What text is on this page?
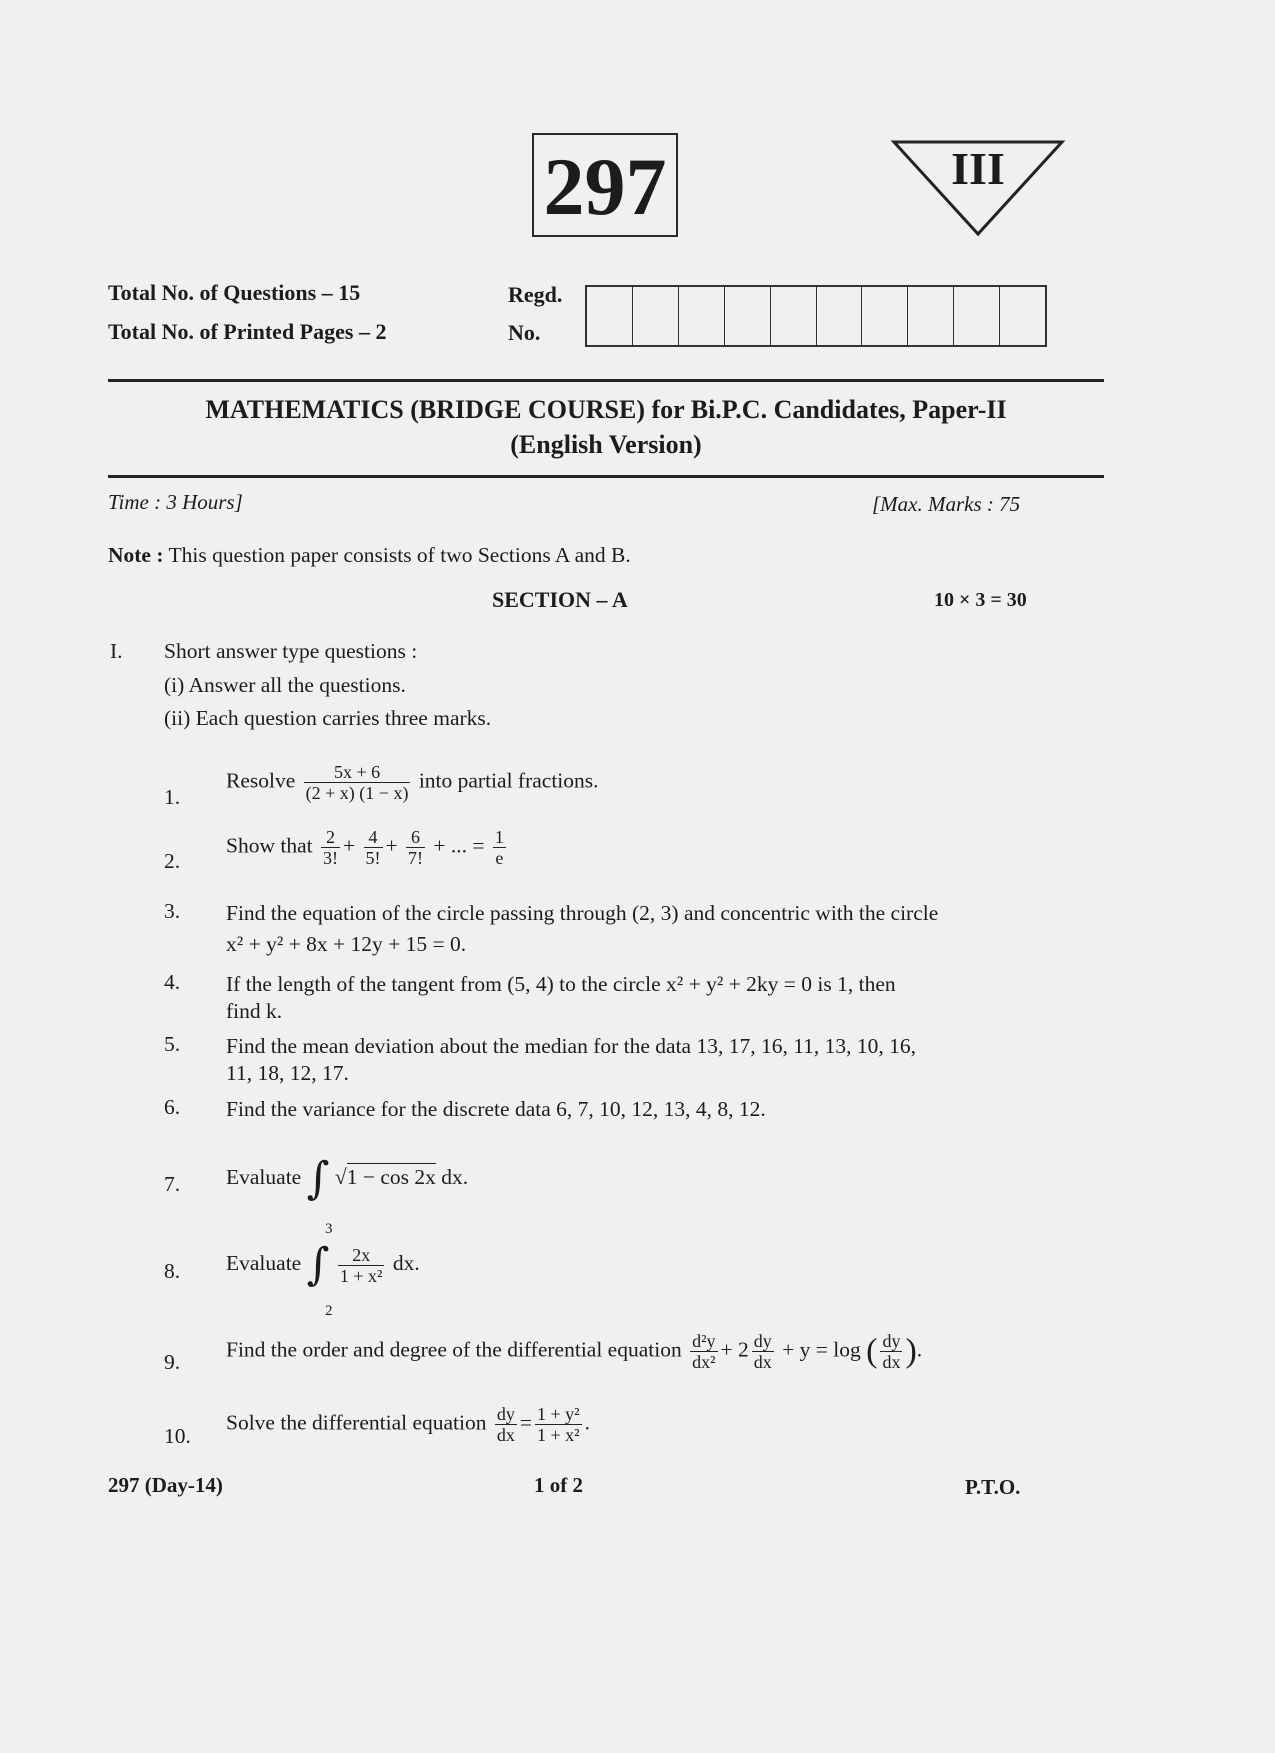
297	III
Total No. of Questions – 15
Total No. of Printed Pages – 2
Regd.
No.
MATHEMATICS (BRIDGE COURSE) for Bi.P.C. Candidates, Paper-II
(English Version)
Time : 3 Hours]	[Max. Marks : 75
Note : This question paper consists of two Sections A and B.
SECTION – A	10 × 3 = 30
I. Short answer type questions :
(i) Answer all the questions.
(ii) Each question carries three marks.
1.
Resolve $\frac{5x + 6}{(2 + x) (1 - x)}$ into partial fractions.
2.
Show that $\frac{2}{3!} + \frac{4}{5!} + \frac{6}{7!}$ + ... = $\frac{1}{e}$
3. Find the equation of the circle passing through (2, 3) and concentric with the circle
x² + y² + 8x + 12y + 15 = 0.
4. If the length of the tangent from (5, 4) to the circle x² + y² + 2ky = 0 is 1, then
find k.
5. Find the mean deviation about the median for the data 13, 17, 16, 11, 13, 10, 16,
11, 18, 12, 17.
6. Find the variance for the discrete data 6, 7, 10, 12, 13, 4, 8, 12.
7. Evaluate ∫ √1 − cos 2x dx.
8.
3
2
Evaluate ∫ $\frac{2x}{\text{1 + x²}}$ dx.
9.
Find the order and degree of the differential equation $\frac{\text{d²y}}{\text{dx²}} + 2 \frac{dy}{dx} + y = \log$ ( $\frac{dy}{dx}$ ).
10.
Solve the differential equation $\frac{dy}{dx} = \frac{\text{1 + y²}}{\text{1 + x²}}$ .
297 (Day-14)	1 of 2	P.T.O.
